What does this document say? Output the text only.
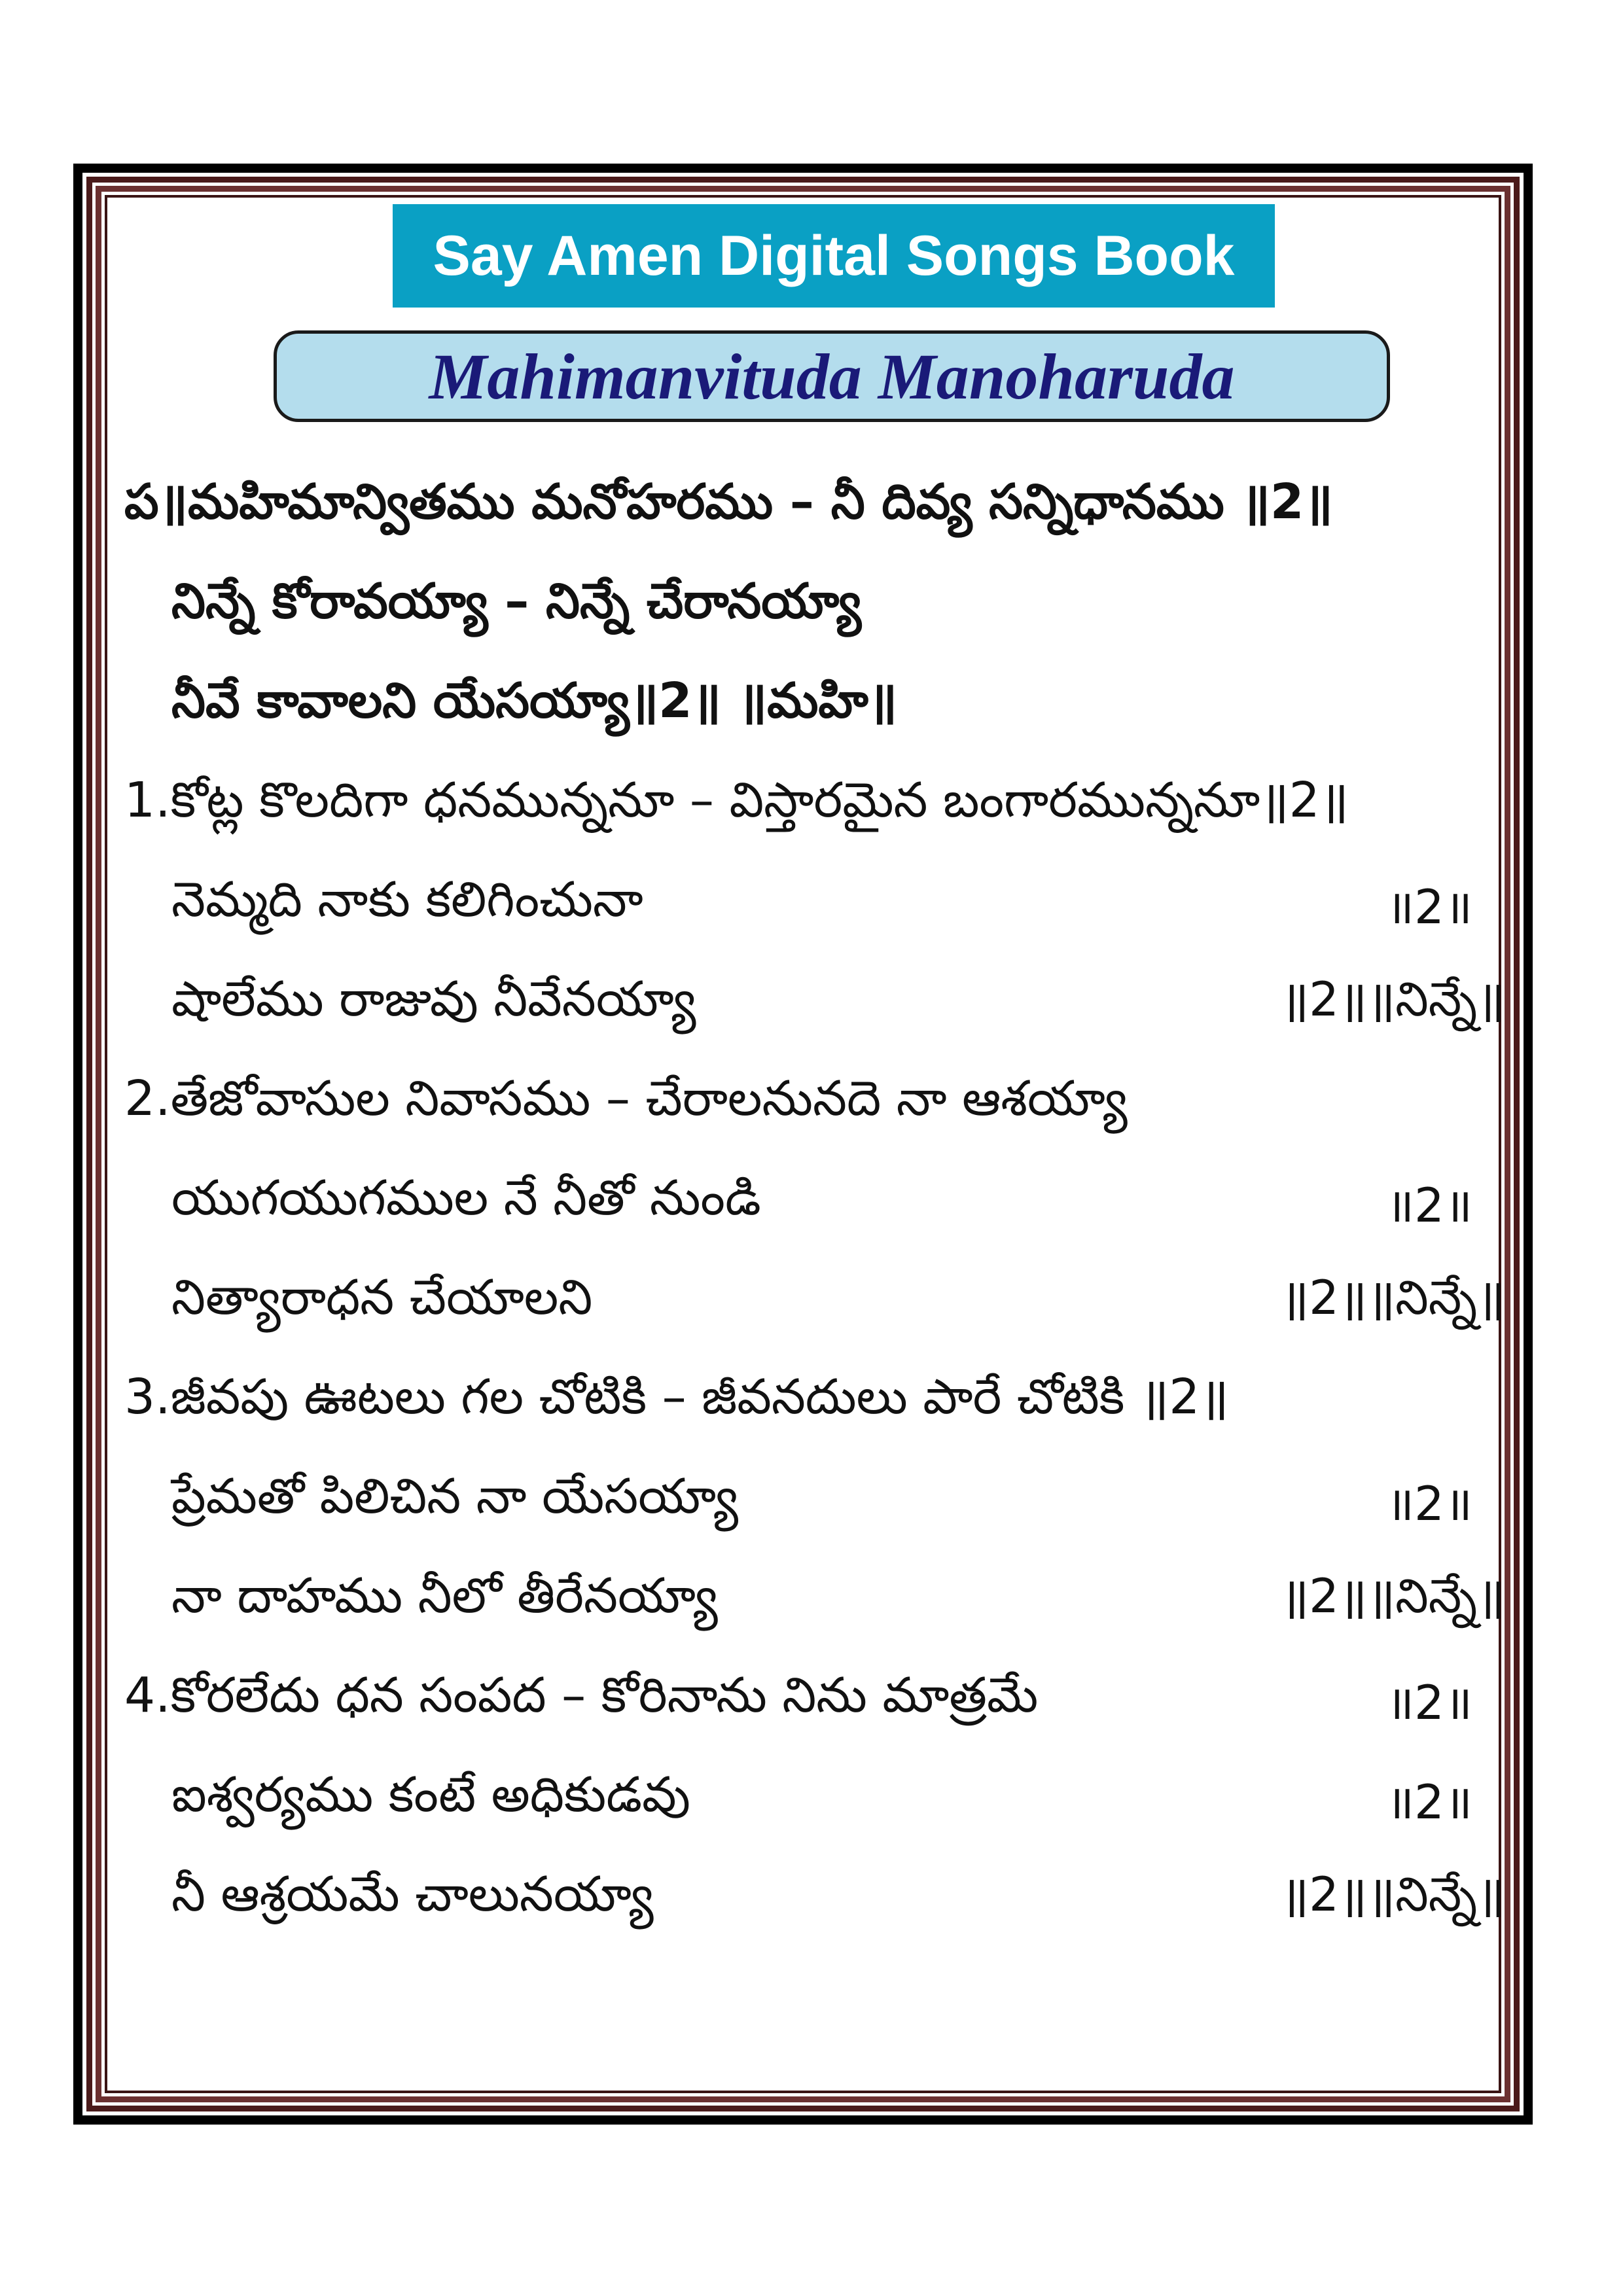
Say Amen Digital Songs Book
Mahimanvituda Manoharuda
ప॥మహిమాన్వితము మనోహరము – నీ దివ్య సన్నిధానము ॥2॥
నిన్నే కోరావయ్యా – నిన్నే చేరానయ్యా
నీవే కావాలని యేసయ్యా॥2॥ ॥మహి॥
1.కోట్ల కొలదిగా ధనమున్ననూ – విస్తారమైన బంగారమున్ననూ॥2॥
నెమ్మది నాకు కలిగించునా	॥2॥
షాలేము రాజువు నీవేనయ్యా	॥2॥॥నిన్నే॥
2.తేజోవాసుల నివాసము – చేరాలనునదె నా ఆశయ్యా
యుగయుగముల నే నీతో నుండి	॥2॥
నిత్యారాధన చేయాలని	॥2॥॥నిన్నే॥
3.జీవపు ఊటలు గల చోటికి – జీవనదులు పారే చోటికి ॥2॥
ప్రేమతో పిలిచిన నా యేసయ్యా	॥2॥
నా దాహము నీలో తీరేనయ్యా	॥2॥॥నిన్నే॥
4.కోరలేదు ధన సంపద – కోరినాను నిను మాత్రమే	॥2॥
ఐశ్వర్యము కంటే అధికుడవు	॥2॥
నీ ఆశ్రయమే చాలునయ్యా	॥2॥॥నిన్నే॥
